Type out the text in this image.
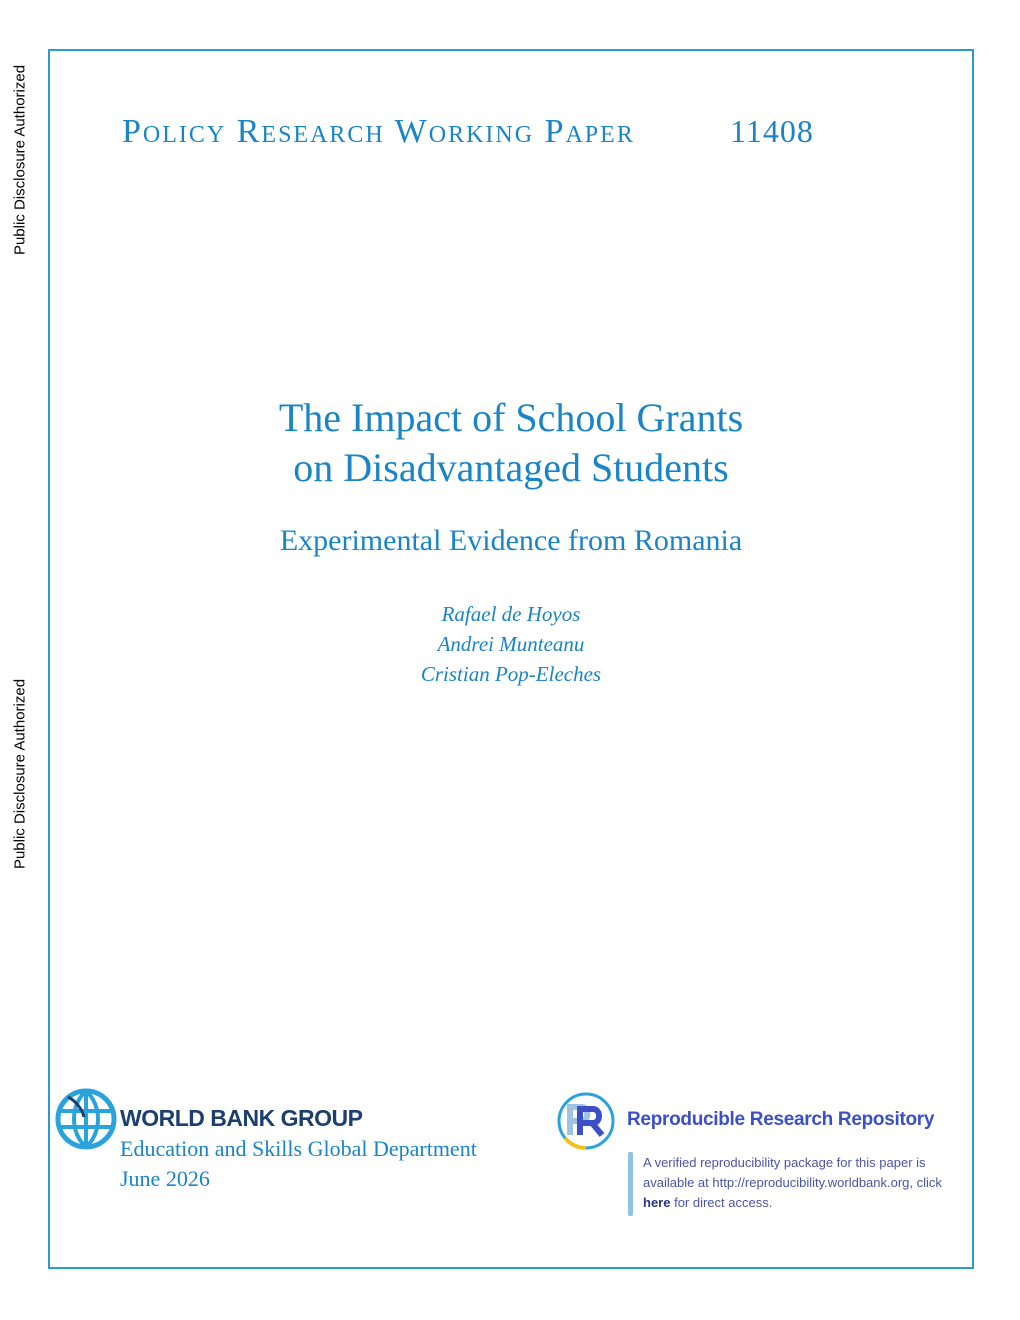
Public Disclosure Authorized
Public Disclosure Authorized
Policy Research Working Paper	11408
The Impact of School Grants
on Disadvantaged Students
Experimental Evidence from Romania
Rafael de Hoyos
Andrei Munteanu
Cristian Pop-Eleches
WORLD BANK GROUP
Education and Skills Global Department
June 2026
Reproducible Research Repository
A verified reproducibility package for this paper is available at http://reproducibility.worldbank.org, click here for direct access.
